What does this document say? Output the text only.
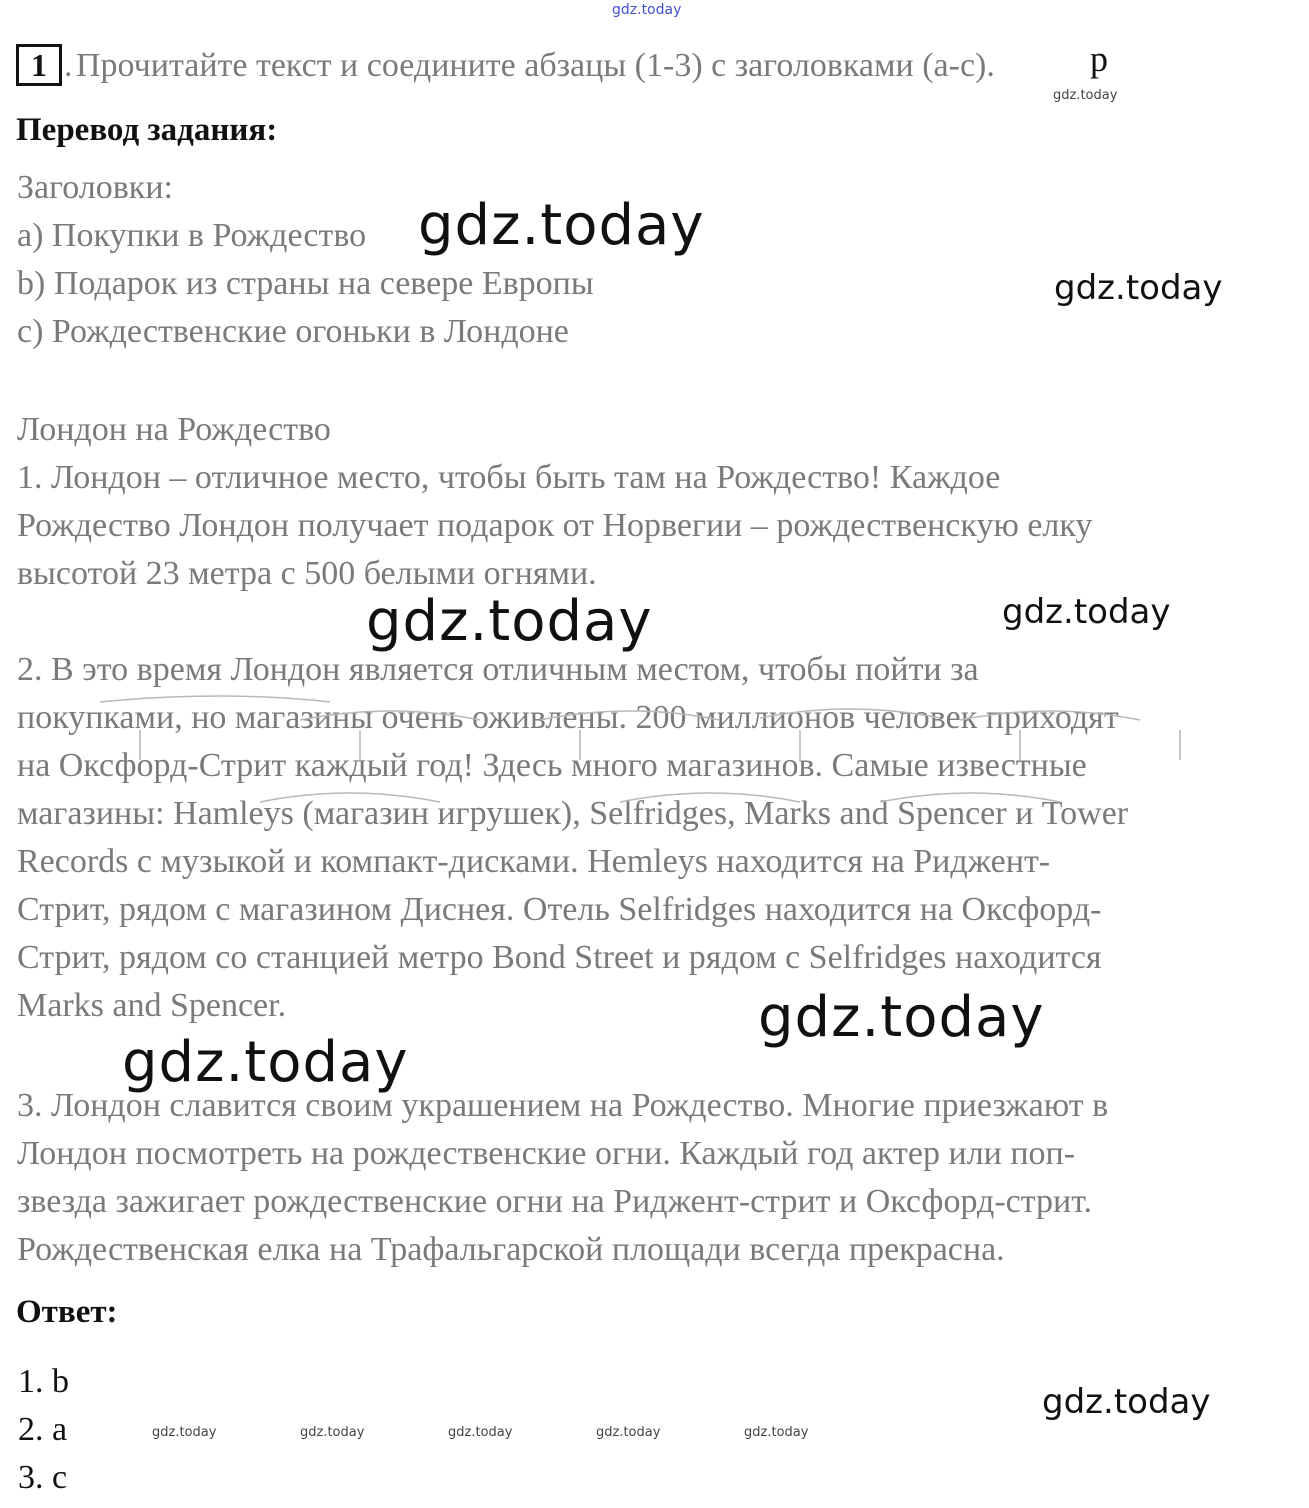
gdz.today
1 . Прочитайте текст и соедините абзацы (1-3) с заголовками (a-c).	p
gdz.today
Перевод задания:
Заголовки:
a) Покупки в Рождество
b) Подарок из страны на севере Европы
c) Рождественские огоньки в Лондоне
Лондон на Рождество
1. Лондон – отличное место, чтобы быть там на Рождество! Каждое
Рождество Лондон получает подарок от Норвегии – рождественскую елку
высотой 23 метра с 500 белыми огнями.
2. В это время Лондон является отличным местом, чтобы пойти за
покупками, но магазины очень оживлены. 200 миллионов человек приходят
на Оксфорд-Стрит каждый год! Здесь много магазинов. Самые известные
магазины: Hamleys (магазин игрушек), Selfridges, Marks and Spencer и Tower
Records с музыкой и компакт-дисками. Hemleys находится на Риджент-
Стрит, рядом с магазином Диснея. Отель Selfridges находится на Оксфорд-
Стрит, рядом со станцией метро Bond Street и рядом с Selfridges находится
Marks and Spencer.
3. Лондон славится своим украшением на Рождество. Многие приезжают в
Лондон посмотреть на рождественские огни. Каждый год актер или поп-
звезда зажигает рождественские огни на Риджент-стрит и Оксфорд-стрит.
Рождественская елка на Трафальгарской площади всегда прекрасна.
Ответ:
1. b
2. a
3. c
gdz.today
gdz.today
gdz.today	gdz.today
gdz.today
gdz.today
gdz.today
gdz.today	gdz.today	gdz.today	gdz.today	gdz.today
